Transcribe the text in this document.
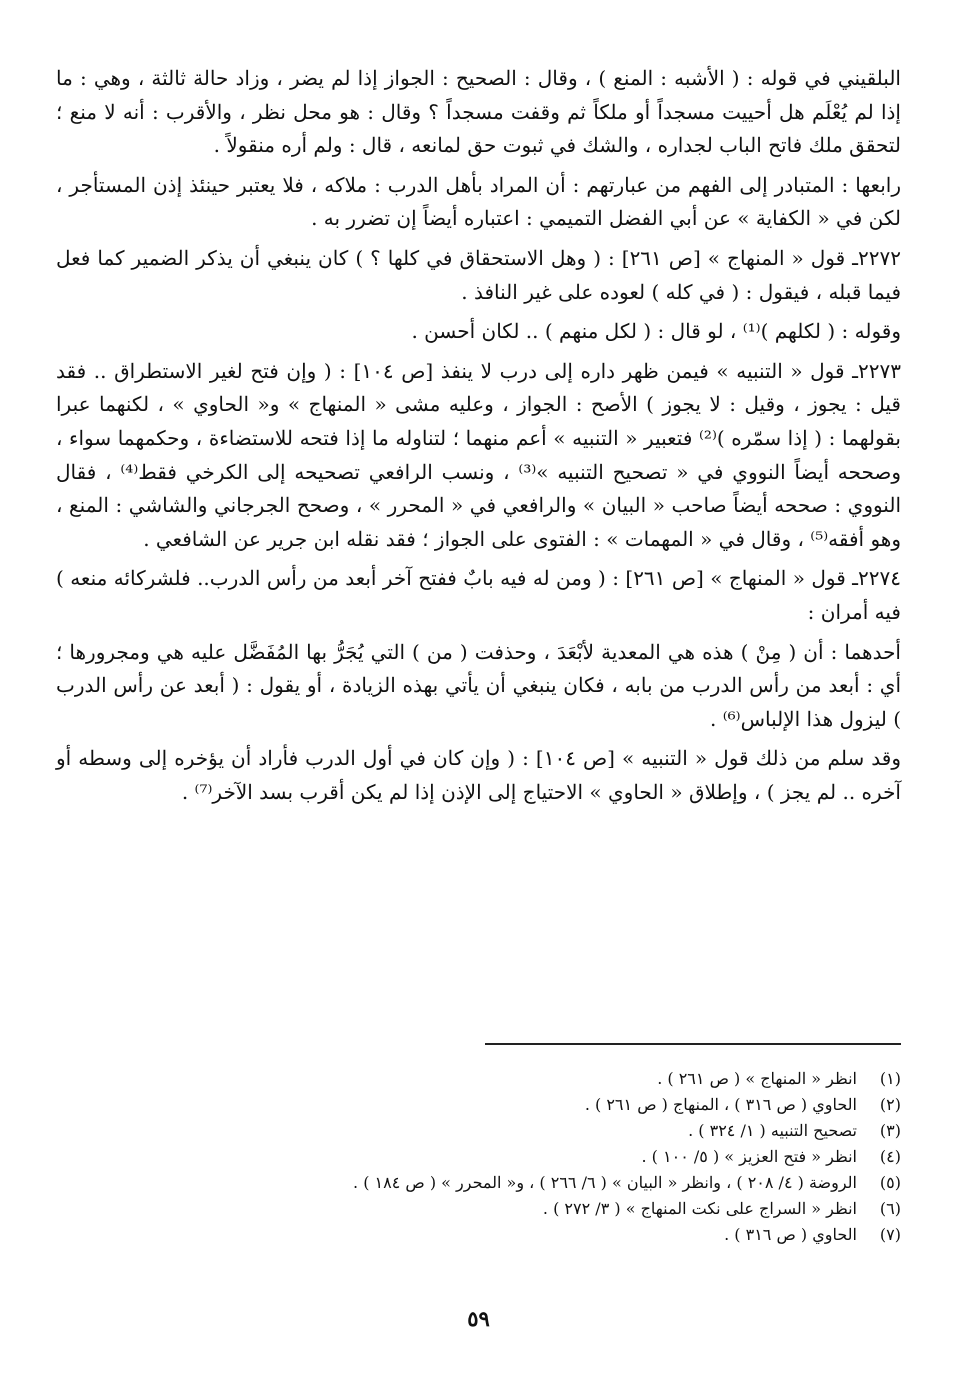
البلقيني في قوله : ( الأشبه : المنع ) ، وقال : الصحيح : الجواز إذا لم يضر ، وزاد حالة ثالثة ، وهي : ما إذا لم يُعْلَم هل أحييت مسجداً أو ملكاً ثم وقفت مسجداً ؟ وقال : هو محل نظر ، والأقرب : أنه لا منع ؛ لتحقق ملك فاتح الباب لجداره ، والشك في ثبوت حق لمانعه ، قال : ولم أره منقولاً .

رابعها : المتبادر إلى الفهم من عبارتهم : أن المراد بأهل الدرب : ملاكه ، فلا يعتبر حينئذ إذن المستأجر ، لكن في « الكفاية » عن أبي الفضل التميمي : اعتباره أيضاً إن تضرر به .

٢٢٧٢ـ قول « المنهاج » [ص ٢٦١] : ( وهل الاستحقاق في كلها ؟ ) كان ينبغي أن يذكر الضمير كما فعل فيما قبله ، فيقول : ( في كله ) لعوده على غير النافذ .

وقوله : ( لكلهم )⁽¹⁾ ، لو قال : ( لكل منهم ) .. لكان أحسن .

٢٢٧٣ـ قول « التنبيه » فيمن ظهر داره إلى درب لا ينفذ [ص ١٠٤] : ( وإن فتح لغير الاستطراق .. فقد قيل : يجوز ، وقيل : لا يجوز ) الأصح : الجواز ، وعليه مشى « المنهاج » و« الحاوي » ، لكنهما عبرا بقولهما : ( إذا سمّره )⁽²⁾ فتعبير « التنبيه » أعم منهما ؛ لتناوله ما إذا فتحه للاستضاءة ، وحكمهما سواء ، وصححه أيضاً النووي في « تصحيح التنبيه »⁽³⁾ ، ونسب الرافعي تصحيحه إلى الكرخي فقط⁽⁴⁾ ، فقال النووي : صححه أيضاً صاحب « البيان » والرافعي في « المحرر » ، وصحح الجرجاني والشاشي : المنع ، وهو أفقه⁽⁵⁾ ، وقال في « المهمات » : الفتوى على الجواز ؛ فقد نقله ابن جرير عن الشافعي .

٢٢٧٤ـ قول « المنهاج » [ص ٢٦١] : ( ومن له فيه بابٌ ففتح آخر أبعد من رأس الدرب.. فلشركائه منعه ) فيه أمران :

أحدهما : أن ( مِنْ ) هذه هي المعدية لأبْعَدَ ، وحذفت ( من ) التي يُجَرُّ بها المُفَضَّل عليه هي ومجرورها ؛ أي : أبعد من رأس الدرب من بابه ، فكان ينبغي أن يأتي بهذه الزيادة ، أو يقول : ( أبعد عن رأس الدرب ) ليزول هذا الإلباس⁽⁶⁾ .

وقد سلم من ذلك قول « التنبيه » [ص ١٠٤] : ( وإن كان في أول الدرب فأراد أن يؤخره إلى وسطه أو آخره .. لم يجز ) ، وإطلاق « الحاوي » الاحتياج إلى الإذن إذا لم يكن أقرب بسد الآخر⁽⁷⁾ .

(١)
انظر « المنهاج » ( ص ٢٦١ ) .
(٢)
الحاوي ( ص ٣١٦ ) ، المنهاج ( ص ٢٦١ ) .
(٣)
تصحيح التنبيه ( ١/ ٣٢٤ ) .
(٤)
انظر « فتح العزيز » ( ٥/ ١٠٠ ) .
(٥)
الروضة ( ٤/ ٢٠٨ ) ، وانظر « البيان » ( ٦/ ٢٦٦ ) ، و« المحرر » ( ص ١٨٤ ) .
(٦)
انظر « السراج على نكت المنهاج » ( ٣/ ٢٧٢ ) .
(٧)
الحاوي ( ص ٣١٦ ) .
٥٩
